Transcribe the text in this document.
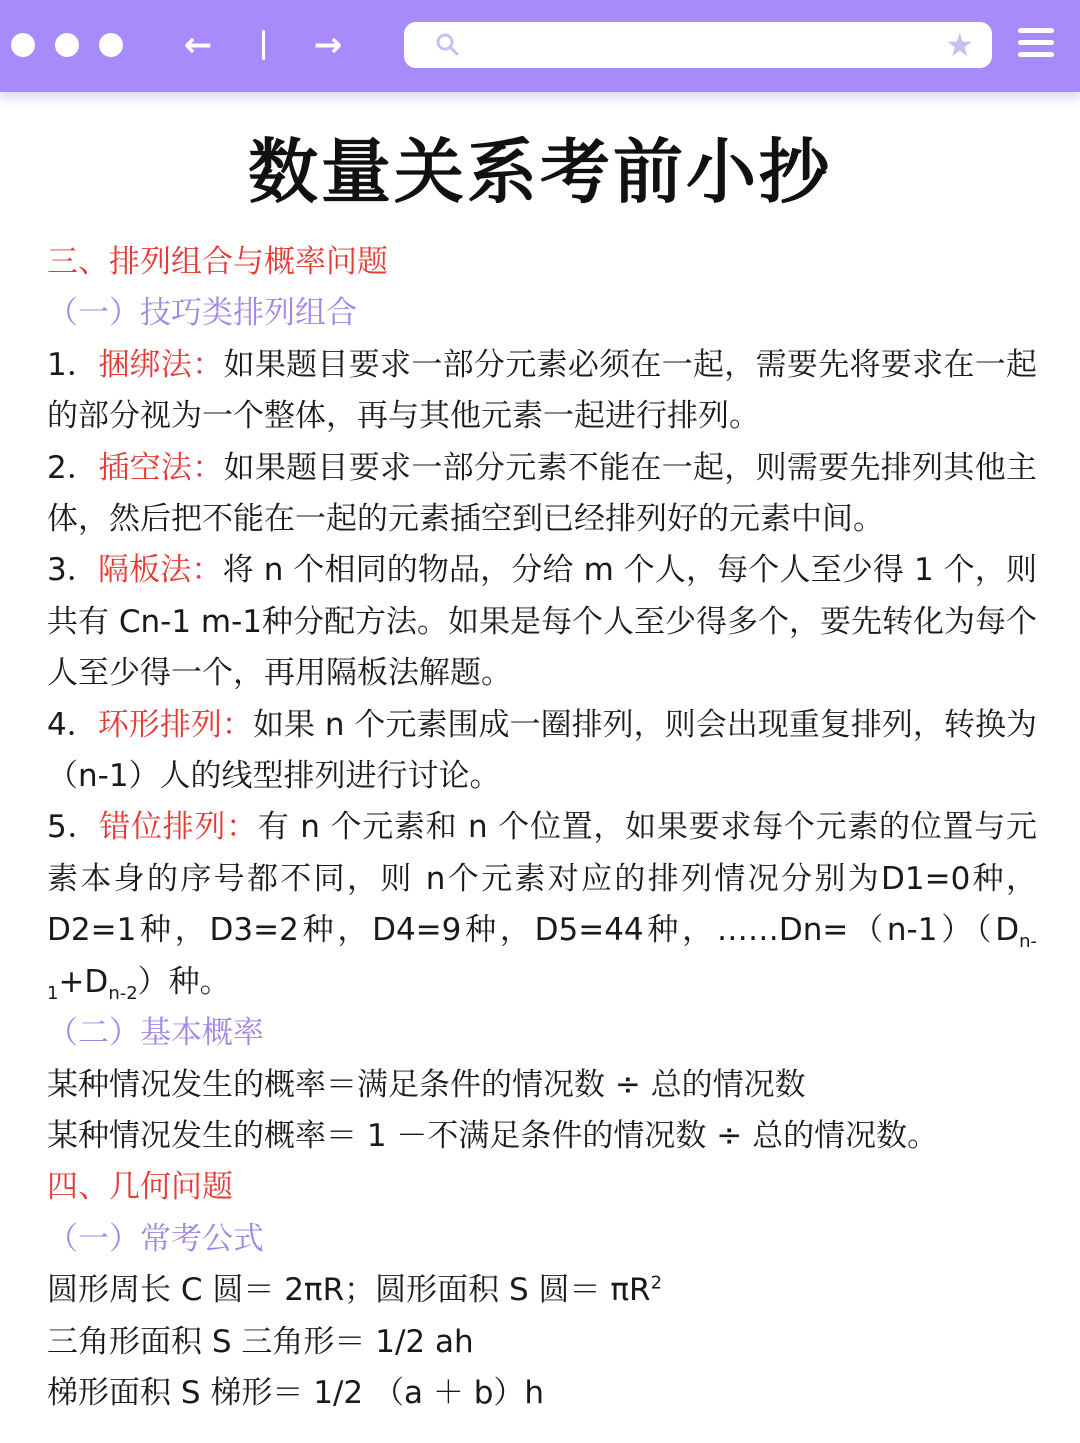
←	→	★
数量关系考前小抄

三、排列组合与概率问题

（一）技巧类排列组合

1．捆绑法：如果题目要求一部分元素必须在一起，需要先将要求在一起的部分视为一个整体，再与其他元素一起进行排列。

2．插空法：如果题目要求一部分元素不能在一起，则需要先排列其他主体，然后把不能在一起的元素插空到已经排列好的元素中间。

3．隔板法：将 n 个相同的物品，分给 m 个人，每个人至少得 1 个，则共有 Cn-1 m-1种分配方法。如果是每个人至少得多个，要先转化为每个人至少得一个，再用隔板法解题。

4．环形排列：如果 n 个元素围成一圈排列，则会出现重复排列，转换为（n-1）人的线型排列进行讨论。

5．错位排列：有 n 个元素和 n 个位置，如果要求每个元素的位置与元素本身的序号都不同，则 n个元素对应的排列情况分别为D1=0种，D2=1种，D3=2种，D4=9种，D5=44种，$\dots\dots Dn=(n-1)(D_{n-1}+D_{n-2})$种。

（二）基本概率

某种情况发生的概率＝满足条件的情况数 ÷ 总的情况数

某种情况发生的概率＝ 1 －不满足条件的情况数 ÷ 总的情况数。

四、几何问题

（一）常考公式

圆形周长 C 圆＝ 2πR；圆形面积 S 圆＝ $\pi R^2$

三角形面积 S 三角形＝ 1/2 ah

梯形面积 S 梯形＝ 1/2 （a ＋ b）h
